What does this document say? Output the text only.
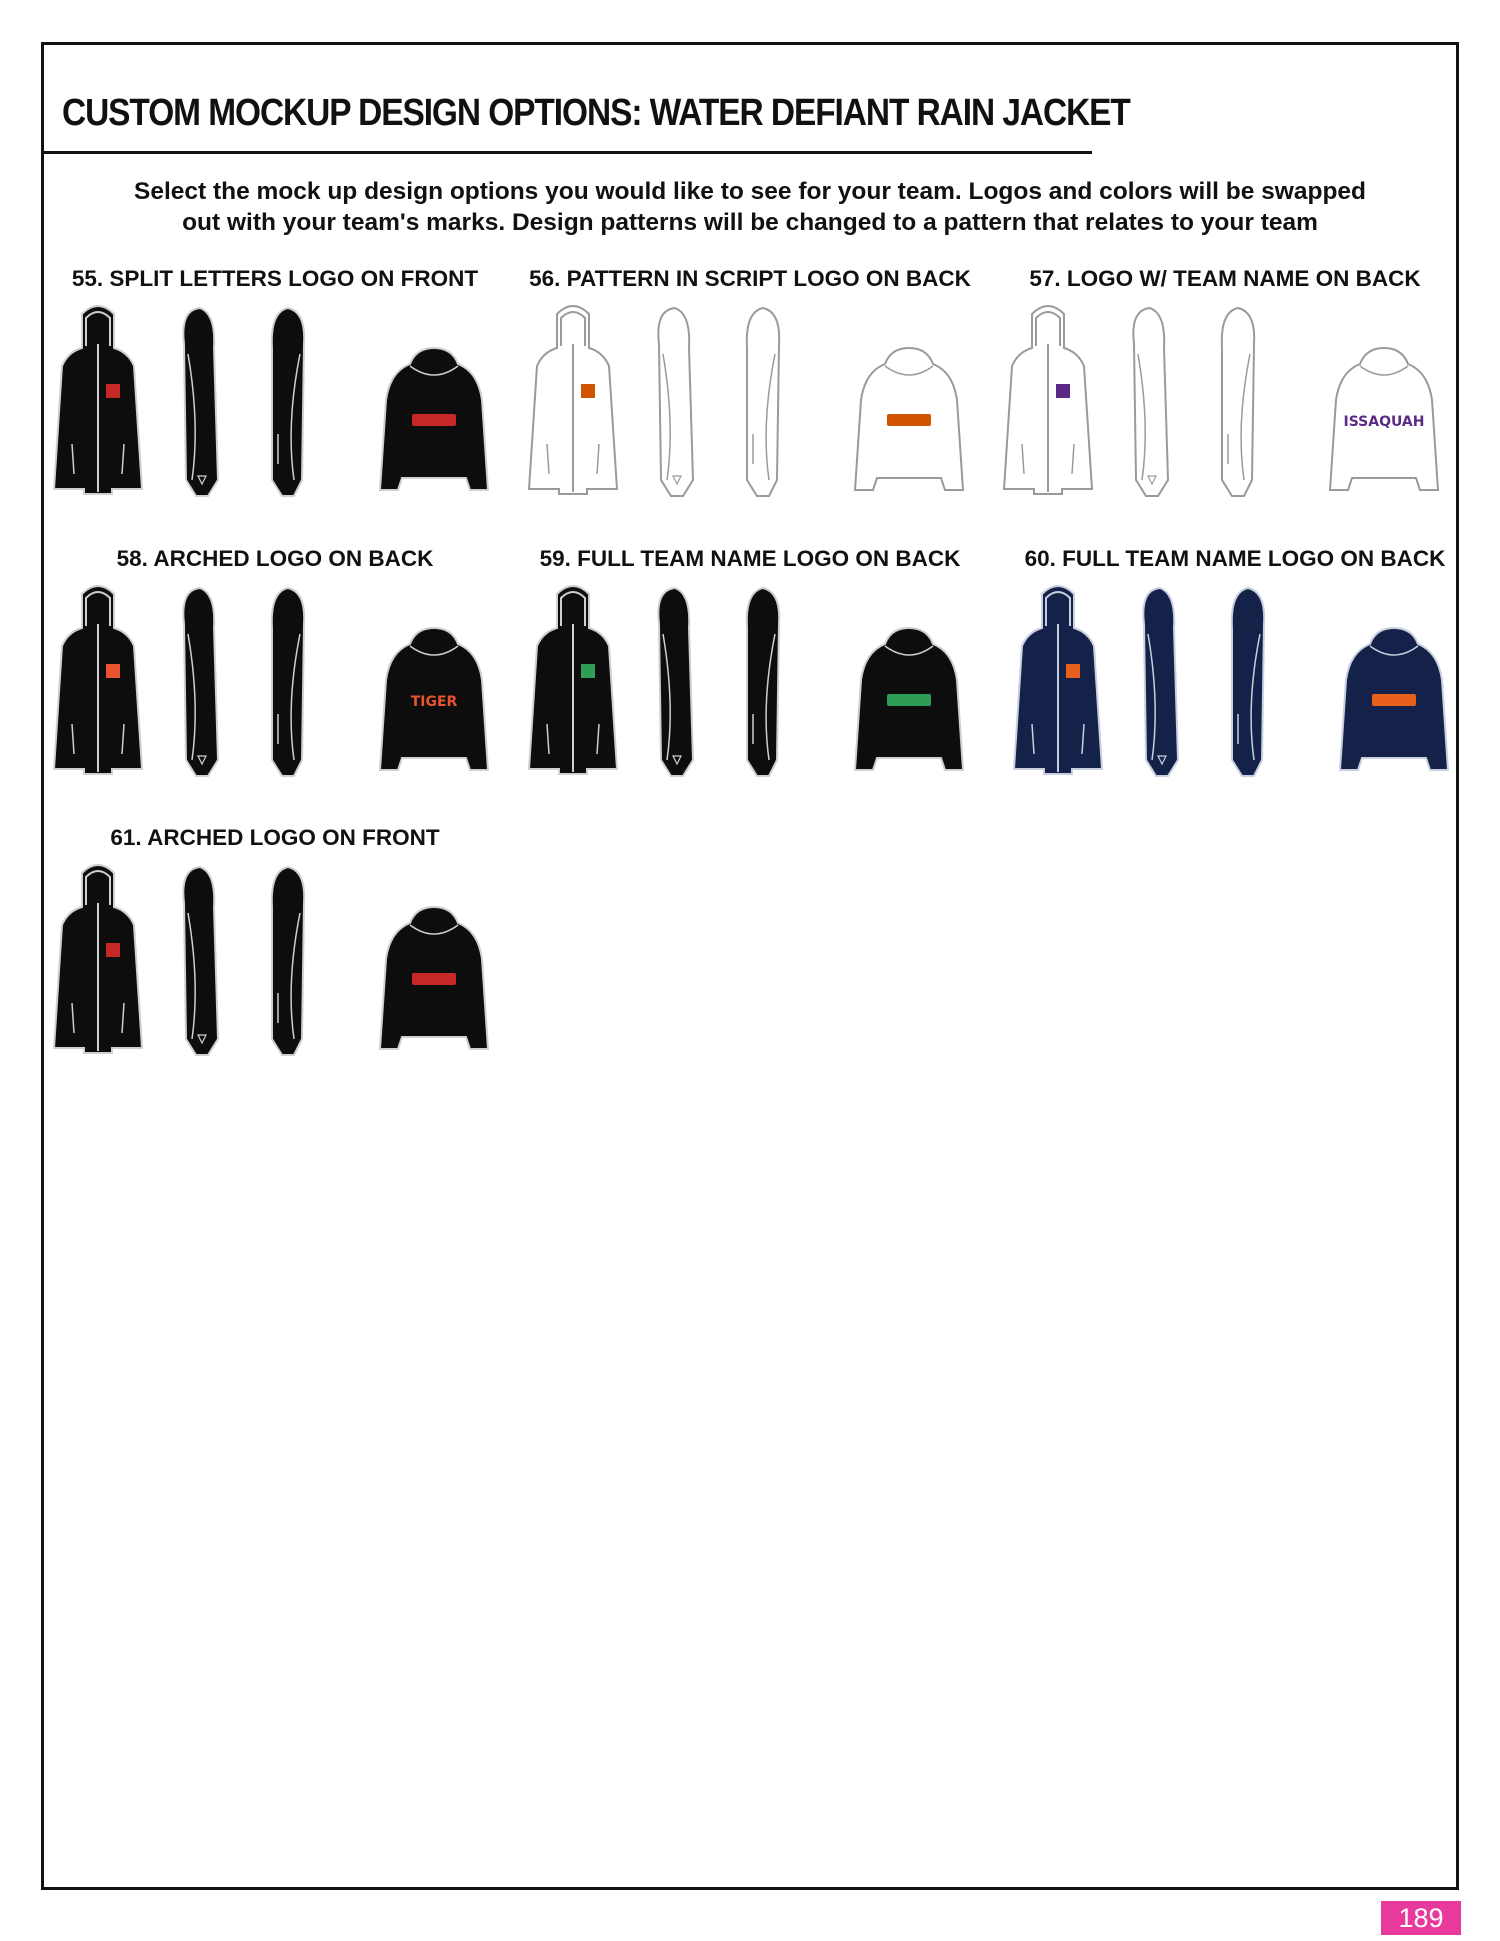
CUSTOM MOCKUP DESIGN OPTIONS: WATER DEFIANT RAIN JACKET

Select the mock up design options you would like to see for your team. Logos and colors will be swapped
out with your team's marks. Design patterns will be changed to a pattern that relates to your team

55. SPLIT LETTERS LOGO ON FRONT	56. PATTERN IN SCRIPT LOGO ON BACK	57. LOGO W/ TEAM NAME ON BACK
ISSAQUAH
58. ARCHED LOGO ON BACK
TIGER
59. FULL TEAM NAME LOGO ON BACK	60. FULL TEAM NAME LOGO ON BACK
61. ARCHED LOGO ON FRONT
189
